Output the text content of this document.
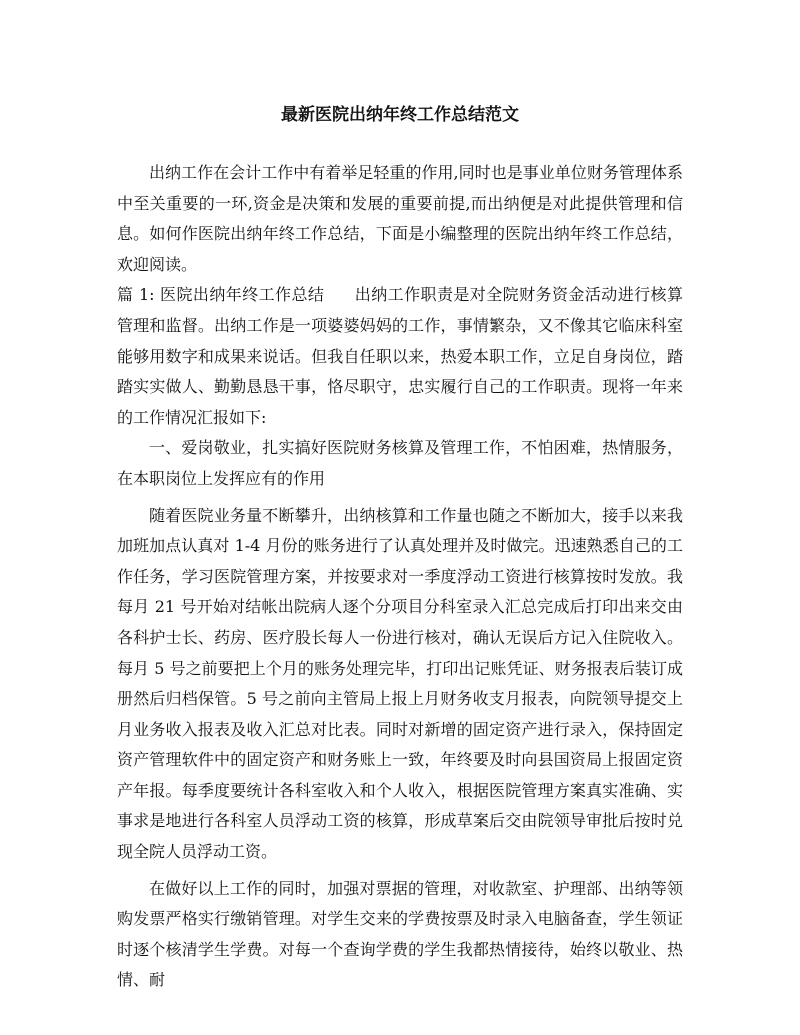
最新医院出纳年终工作总结范文

出纳工作在会计工作中有着举足轻重的作用,同时也是事业单位财务管理体系中至关重要的一环,资金是决策和发展的重要前提,而出纳便是对此提供管理和信息。如何作医院出纳年终工作总结，下面是小编整理的医院出纳年终工作总结，欢迎阅读。

篇 1: 医院出纳年终工作总结 出纳工作职责是对全院财务资金活动进行核算管理和监督。出纳工作是一项婆婆妈妈的工作，事情繁杂，又不像其它临床科室能够用数字和成果来说话。但我自任职以来，热爱本职工作，立足自身岗位，踏踏实实做人、勤勤恳恳干事，恪尽职守，忠实履行自己的工作职责。现将一年来的工作情况汇报如下:

一、爱岗敬业，扎实搞好医院财务核算及管理工作，不怕困难，热情服务，在本职岗位上发挥应有的作用

随着医院业务量不断攀升，出纳核算和工作量也随之不断加大，接手以来我加班加点认真对 1-4 月份的账务进行了认真处理并及时做完。迅速熟悉自己的工作任务，学习医院管理方案，并按要求对一季度浮动工资进行核算按时发放。我每月 21 号开始对结帐出院病人逐个分项目分科室录入汇总完成后打印出来交由各科护士长、药房、医疗股长每人一份进行核对，确认无误后方记入住院收入。每月 5 号之前要把上个月的账务处理完毕，打印出记账凭证、财务报表后装订成册然后归档保管。5 号之前向主管局上报上月财务收支月报表，向院领导提交上月业务收入报表及收入汇总对比表。同时对新增的固定资产进行录入，保持固定资产管理软件中的固定资产和财务账上一致，年终要及时向县国资局上报固定资产年报。每季度要统计各科室收入和个人收入，根据医院管理方案真实准确、实事求是地进行各科室人员浮动工资的核算，形成草案后交由院领导审批后按时兑现全院人员浮动工资。

在做好以上工作的同时，加强对票据的管理，对收款室、护理部、出纳等领购发票严格实行缴销管理。对学生交来的学费按票及时录入电脑备查，学生领证时逐个核清学生学费。对每一个查询学费的学生我都热情接待，始终以敬业、热情、耐
